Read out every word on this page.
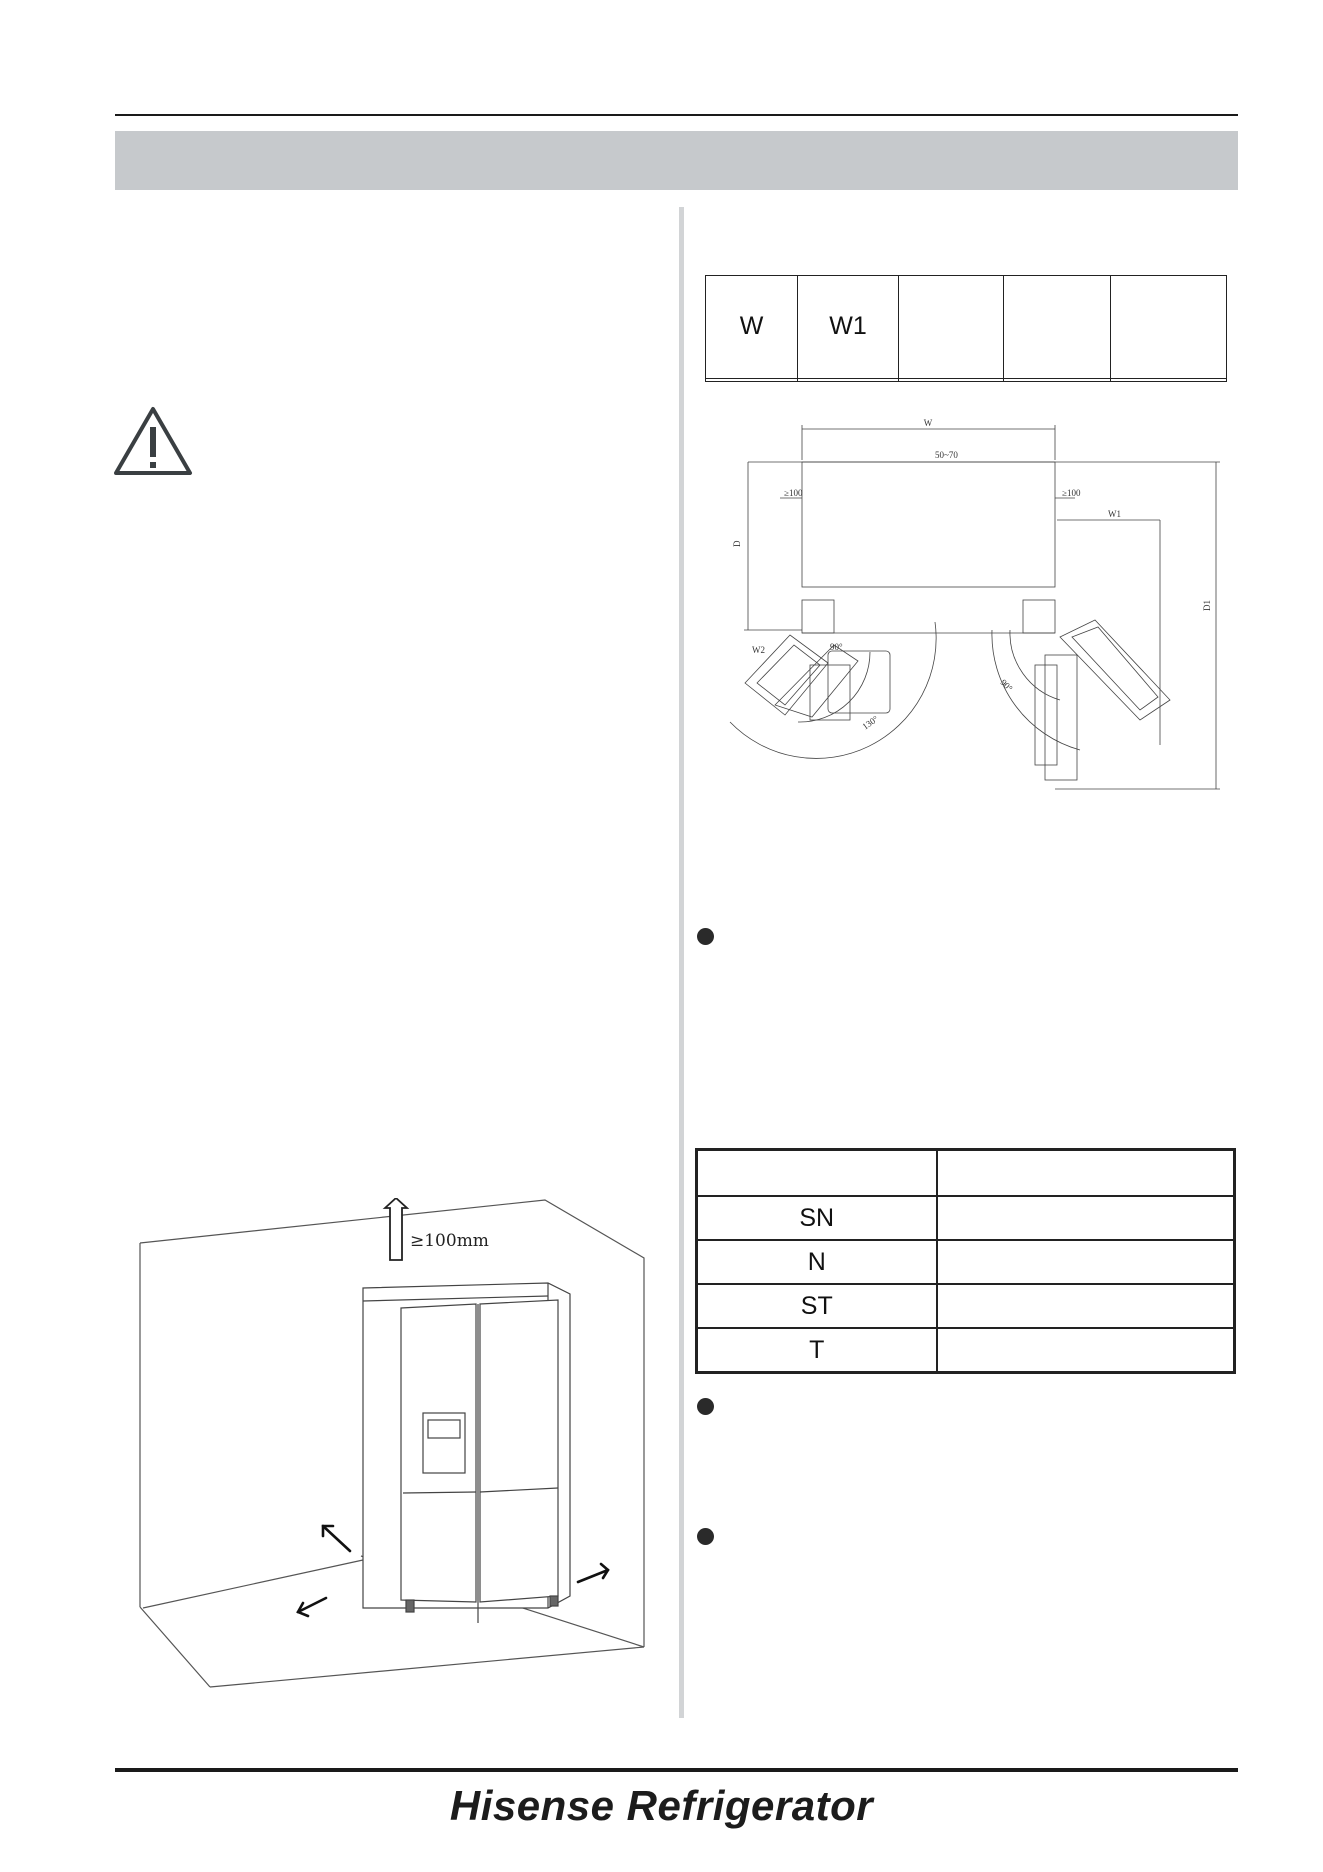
W	W1			

W
50~70
≥100	≥100
W1
D
D1
W2
130°
90°
90°

SN	
N	
ST	
T	
≥100mm
Hisense Refrigerator
